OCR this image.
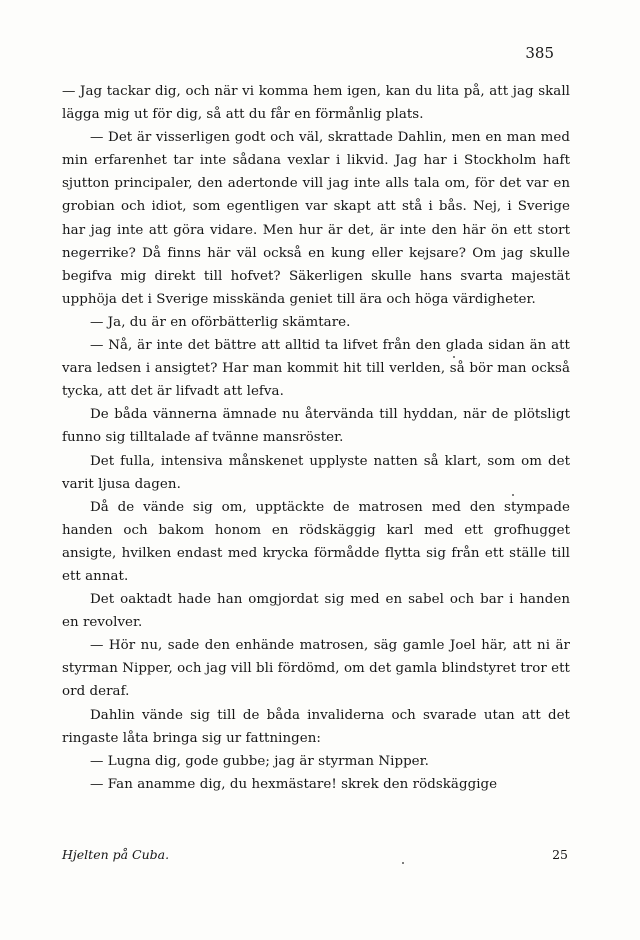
385

— Jag tackar dig, och när vi komma hem igen, kan du lita på, att jag skall lägga mig ut för dig, så att du får en förmånlig plats.

— Det är visserligen godt och väl, skrattade Dahlin, men en man med min erfarenhet tar inte sådana vexlar i likvid. Jag har i Stockholm haft sjutton principaler, den adertonde vill jag inte alls tala om, för det var en grobian och idiot, som egentligen var skapt att stå i bås. Nej, i Sverige har jag inte att göra vidare. Men hur är det, är inte den här ön ett stort negerrike? Då finns här väl också en kung eller kejsare? Om jag skulle begifva mig direkt till hofvet? Säkerligen skulle hans svarta majestät upphöja det i Sverige misskända geniet till ära och höga värdigheter.

— Ja, du är en oförbätterlig skämtare.

— Nå, är inte det bättre att alltid ta lifvet från den glada sidan än att vara ledsen i ansigtet? Har man kommit hit till verlden, så bör man också tycka, att det är lifvadt att lefva.

De båda vännerna ämnade nu återvända till hyddan, när de plötsligt funno sig tilltalade af tvänne mansröster.

Det fulla, intensiva månskenet upplyste natten så klart, som om det varit ljusa dagen.

Då de vände sig om, upptäckte de matrosen med den stympade handen och bakom honom en rödskäggig karl med ett grofhugget ansigte, hvilken endast med krycka förmådde flytta sig från ett ställe till ett annat.

Det oaktadt hade han omgjordat sig med en sabel och bar i handen en revolver.

— Hör nu, sade den enhände matrosen, säg gamle Joel här, att ni är styrman Nipper, och jag vill bli fördömd, om det gamla blindstyret tror ett ord deraf.

Dahlin vände sig till de båda invaliderna och svarade utan att det ringaste låta bringa sig ur fattningen:

— Lugna dig, gode gubbe; jag är styrman Nipper.

— Fan anamme dig, du hexmästare! skrek den rödskäggige

Hjelten på Cuba.	25
